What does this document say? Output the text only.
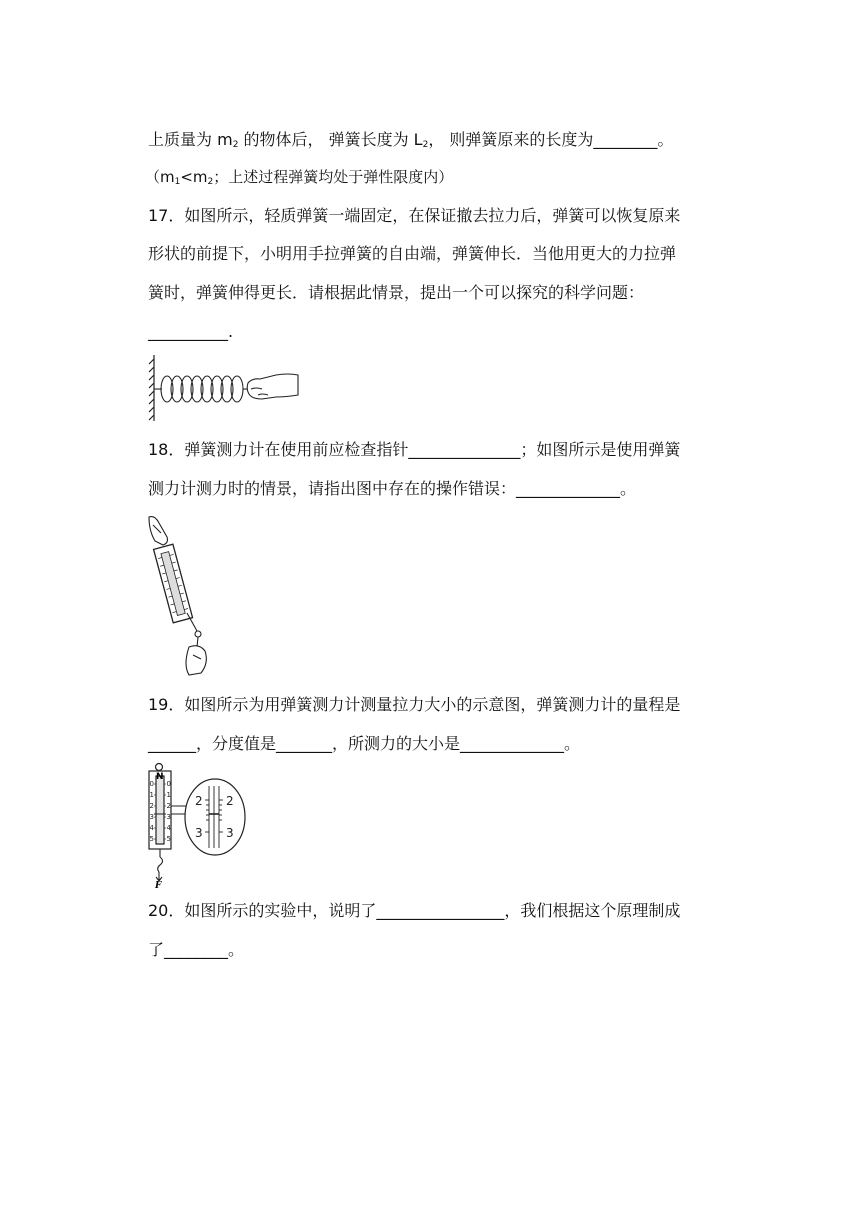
上质量为 $m_2$ 的物体后， 弹簧长度为 $L_2$， 则弹簧原来的长度为________。
（$m_1<m_2$；上述过程弹簧均处于弹性限度内）
17．如图所示，轻质弹簧一端固定，在保证撤去拉力后，弹簧可以恢复原来
形状的前提下，小明用手拉弹簧的自由端，弹簧伸长．当他用更大的力拉弹
簧时，弹簧伸得更长．请根据此情景，提出一个可以探究的科学问题：
__________.
18．弹簧测力计在使用前应检查指针______________；如图所示是使用弹簧
测力计测力时的情景，请指出图中存在的操作错误：_____________。
19．如图所示为用弹簧测力计测量拉力大小的示意图，弹簧测力计的量程是
______，分度值是_______，所测力的大小是_____________。
N
0
1
2
3
4
5
0
1
2
3
4
5
F
2
3
2
3
20．如图所示的实验中，说明了________________，我们根据这个原理制成
了________。
